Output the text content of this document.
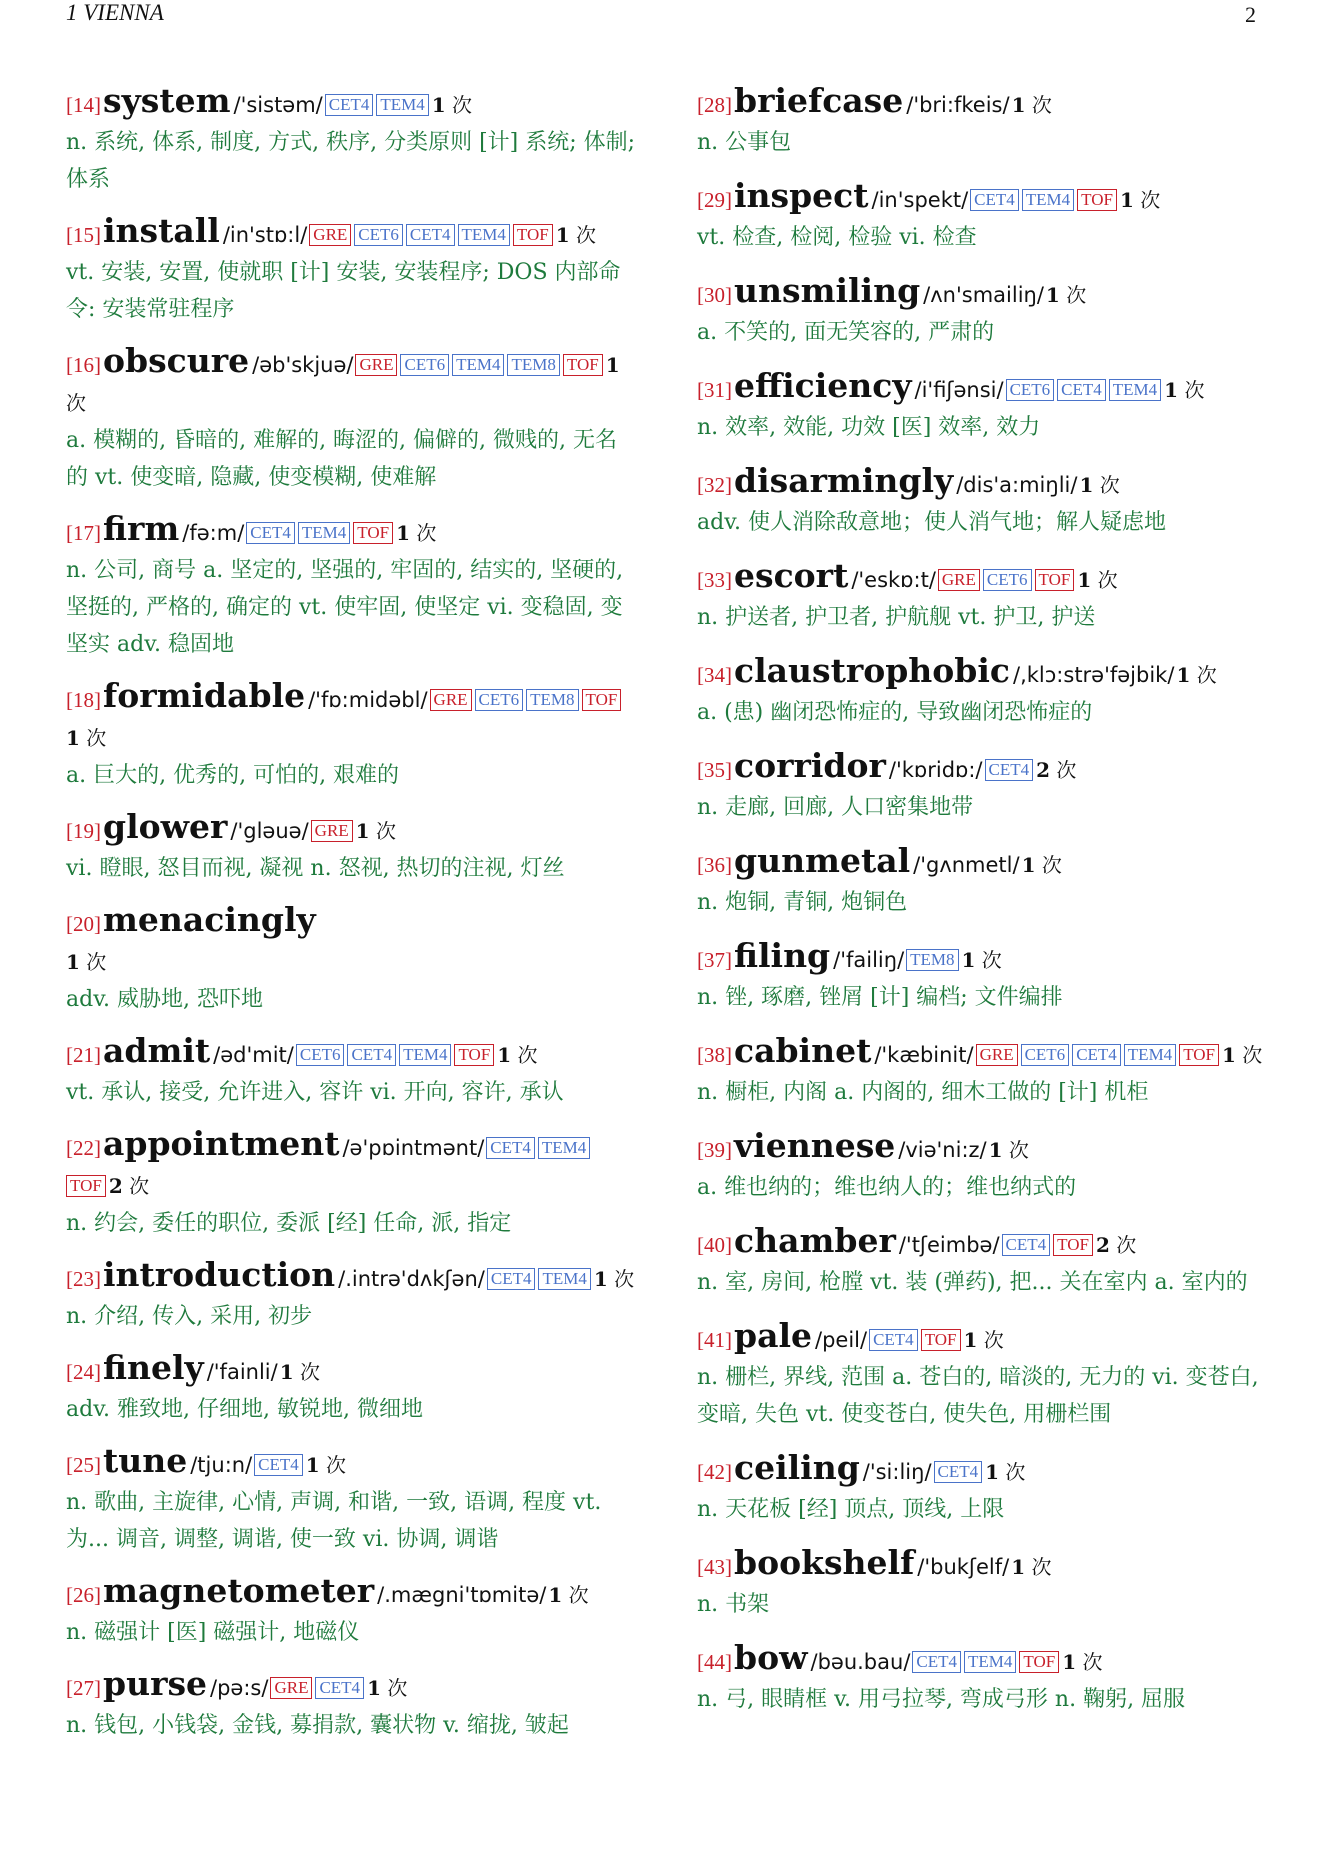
1 VIENNA	2
[14]system /'sistəm/ CET4 TEM4 1 次

n. 系统, 体系, 制度, 方式, 秩序, 分类原则 [计] 系统; 体制; 体系

[15]install /in'stɒ:l/ GRE CET6 CET4 TEM4 TOF 1 次

vt. 安装, 安置, 使就职 [计] 安装, 安装程序; DOS 内部命令: 安装常驻程序

[16]obscure /əb'skjuə/ GRE CET6 TEM4 TEM8 TOF 1 次

a. 模糊的, 昏暗的, 难解的, 晦涩的, 偏僻的, 微贱的, 无名的 vt. 使变暗, 隐藏, 使变模糊, 使难解

[17]firm /fə:m/ CET4 TEM4 TOF 1 次

n. 公司, 商号 a. 坚定的, 坚强的, 牢固的, 结实的, 坚硬的, 坚挺的, 严格的, 确定的 vt. 使牢固, 使坚定 vi. 变稳固, 变坚实 adv. 稳固地

[18]formidable /'fɒ:midəbl/ GRE CET6 TEM8 TOF1 次

a. 巨大的, 优秀的, 可怕的, 艰难的

[19]glower /'gləuə/ GRE 1 次

vi. 瞪眼, 怒目而视, 凝视 n. 怒视, 热切的注视, 灯丝

[20]menacingly
1 次

adv. 威胁地, 恐吓地

[21]admit /əd'mit/ CET6 CET4 TEM4 TOF 1 次

vt. 承认, 接受, 允许进入, 容许 vi. 开向, 容许, 承认

[22]appointment /ə'pɒintmənt/ CET4 TEM4TOF 2 次

n. 约会, 委任的职位, 委派 [经] 任命, 派, 指定

[23]introduction /.intrə'dʌkʃən/ CET4 TEM4 1 次

n. 介绍, 传入, 采用, 初步

[24]finely /'fainli/ 1 次

adv. 雅致地, 仔细地, 敏锐地, 微细地

[25]tune /tju:n/ CET4 1 次

n. 歌曲, 主旋律, 心情, 声调, 和谐, 一致, 语调, 程度 vt. 为... 调音, 调整, 调谐, 使一致 vi. 协调, 调谐

[26]magnetometer /.mægni'tɒmitə/ 1 次

n. 磁强计 [医] 磁强计, 地磁仪

[27]purse /pə:s/ GRE CET4 1 次

n. 钱包, 小钱袋, 金钱, 募捐款, 囊状物 v. 缩拢, 皱起

[28]briefcase /'bri:fkeis/ 1 次

n. 公事包

[29]inspect /in'spekt/ CET4 TEM4 TOF 1 次

vt. 检查, 检阅, 检验 vi. 检查

[30]unsmiling /ʌn'smailiŋ/ 1 次

a. 不笑的, 面无笑容的, 严肃的

[31]efficiency /i'fiʃənsi/ CET6 CET4 TEM4 1 次

n. 效率, 效能, 功效 [医] 效率, 效力

[32]disarmingly /dis'a:miŋli/ 1 次

adv. 使人消除敌意地；使人消气地；解人疑虑地

[33]escort /'eskɒ:t/ GRE CET6 TOF 1 次

n. 护送者, 护卫者, 护航舰 vt. 护卫, 护送

[34]claustrophobic /,klɔ:strə'fəjbik/ 1 次

a. (患) 幽闭恐怖症的, 导致幽闭恐怖症的

[35]corridor /'kɒridɒ:/ CET4 2 次

n. 走廊, 回廊, 人口密集地带

[36]gunmetal /'gʌnmetl/ 1 次

n. 炮铜, 青铜, 炮铜色

[37]filing /'failiŋ/ TEM8 1 次

n. 锉, 琢磨, 锉屑 [计] 编档; 文件编排

[38]cabinet /'kæbinit/ GRE CET6 CET4 TEM4 TOF 1 次

n. 橱柜, 内阁 a. 内阁的, 细木工做的 [计] 机柜

[39]viennese /viə'ni:z/ 1 次

a. 维也纳的；维也纳人的；维也纳式的

[40]chamber /'tʃeimbə/ CET4 TOF 2 次

n. 室, 房间, 枪膛 vt. 装 (弹药), 把... 关在室内 a. 室内的

[41]pale /peil/ CET4 TOF 1 次

n. 栅栏, 界线, 范围 a. 苍白的, 暗淡的, 无力的 vi. 变苍白, 变暗, 失色 vt. 使变苍白, 使失色, 用栅栏围

[42]ceiling /'si:liŋ/ CET4 1 次

n. 天花板 [经] 顶点, 顶线, 上限

[43]bookshelf /'bukʃelf/ 1 次

n. 书架

[44]bow /bəu.bau/ CET4 TEM4 TOF 1 次

n. 弓, 眼睛框 v. 用弓拉琴, 弯成弓形 n. 鞠躬, 屈服
